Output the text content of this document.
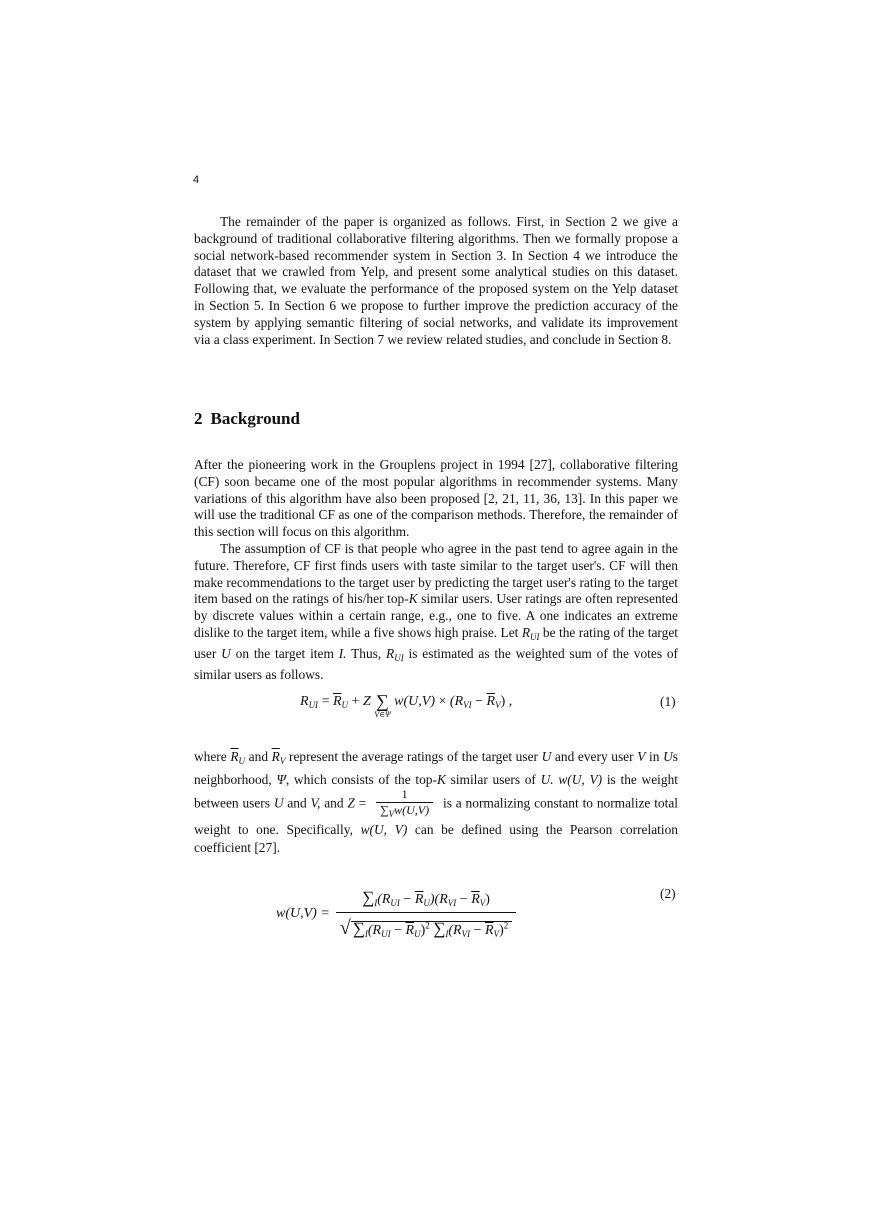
4

The remainder of the paper is organized as follows. First, in Section 2 we give a background of traditional collaborative filtering algorithms. Then we formally propose a social network-based recommender system in Section 3. In Section 4 we introduce the dataset that we crawled from Yelp, and present some analytical studies on this dataset. Following that, we evaluate the performance of the proposed system on the Yelp dataset in Section 5. In Section 6 we propose to further improve the prediction accuracy of the system by applying semantic filtering of social networks, and validate its improvement via a class experiment. In Section 7 we review related studies, and conclude in Section 8.

2 Background

After the pioneering work in the Grouplens project in 1994 [27], collaborative filtering (CF) soon became one of the most popular algorithms in recommender systems. Many variations of this algorithm have also been proposed [2, 21, 11, 36, 13]. In this paper we will use the traditional CF as one of the comparison methods. Therefore, the remainder of this section will focus on this algorithm.

The assumption of CF is that people who agree in the past tend to agree again in the future. Therefore, CF first finds users with taste similar to the target user's. CF will then make recommendations to the target user by predicting the target user's rating to the target item based on the ratings of his/her top-K similar users. User ratings are often represented by discrete values within a certain range, e.g., one to five. A one indicates an extreme dislike to the target item, while a five shows high praise. Let $R_{UI}$ be the rating of the target user U on the target item I. Thus, $R_{UI}$ is estimated as the weighted sum of the votes of similar users as follows.

$R_{UI} = \overline{R}_U + Z$ ∑
V∈Ψ
$w(U,V) \times (R_{VI} - \overline{R}_V)$ ,	(1)

where $\overline{R}_U$ and $\overline{R}_V$ represent the average ratings of the target user U and every user V in Us neighborhood, Ψ, which consists of the top-K similar users of U. w(U, V) is the weight between users U and V, and $Z = \frac{1}{\sum_Vw(U,V)}$ is a normalizing constant to normalize total weight to one. Specifically, w(U, V) can be defined using the Pearson correlation coefficient [27].

$w(U,V) = \frac{\sum_I(R_{UI} - \overline{R}_U)(R_{VI} - \overline{R}_V)}{√ \sum_I(R_{UI} - \overline{R}_U)^2 \sum_I(R_{VI} - \overline{R}_V)^2}$	(2)
